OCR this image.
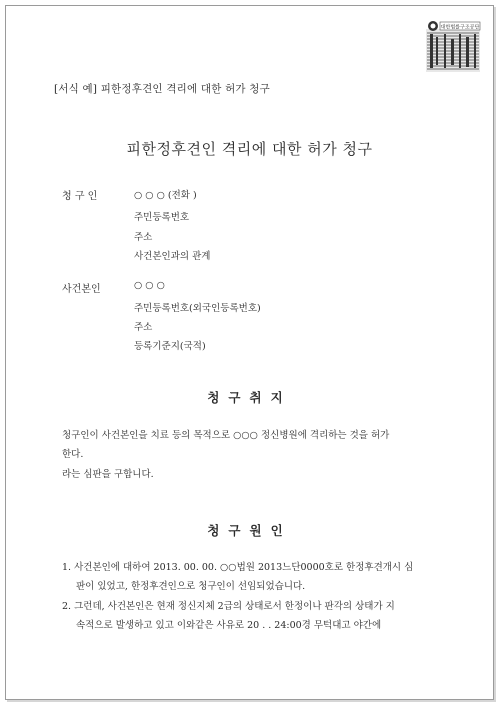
대한법률구조공단
[서식 예] 피한정후견인 격리에 대한 허가 청구
피한정후견인 격리에 대한 허가 청구
청 구 인	○ ○ ○ (전화 )
주민등록번호
주소
사건본인과의 관계
사건본인	○ ○ ○
주민등록번호(외국인등록번호)
주소
등록기준지(국적)
청구취지
청구인이 사건본인을 치료 등의 목적으로 ○○○ 정신병원에 격리하는 것을 허가
한다.
라는 심판을 구합니다.
청구원인
1. 사건본인에 대하여 2013. 00. 00. ○○법원 2013느단0000호로 한정후견개시 심
판이 있었고, 한정후견인으로 청구인이 선임되었습니다.
2. 그런데, 사건본인은 현재 정신지체 2급의 상태로서 한정이나 판각의 상태가 지
속적으로 발생하고 있고 이와같은 사유로 20 . . 24:00경 무턱대고 야간에
